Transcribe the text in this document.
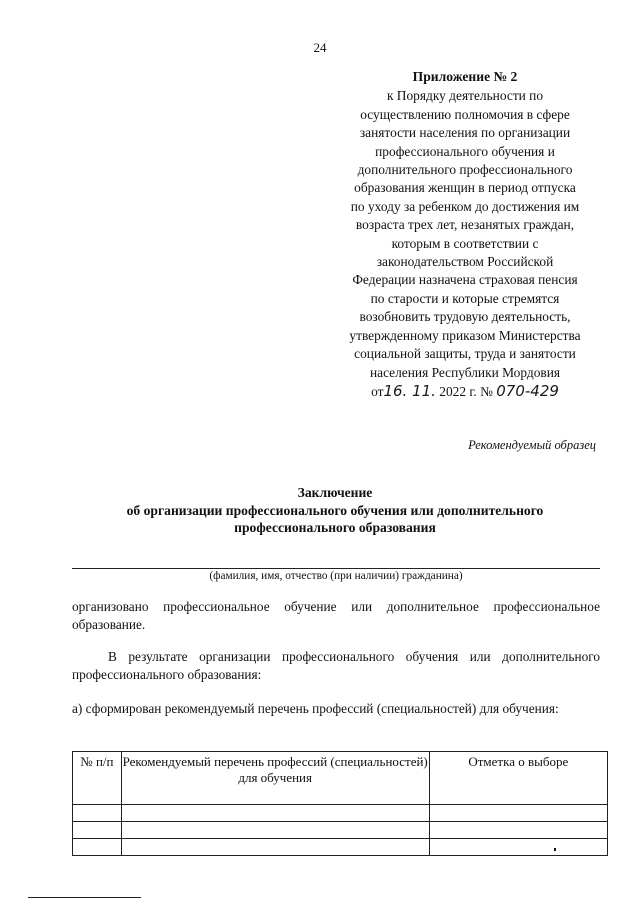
24
Приложение № 2
к Порядку деятельности по
осуществлению полномочия в сфере
занятости населения по организации
профессионального обучения и
дополнительного профессионального
образования женщин в период отпуска
по уходу за ребенком до достижения им
возраста трех лет, незанятых граждан,
которым в соответствии с
законодательством Российской
Федерации назначена страховая пенсия
по старости и которые стремятся
возобновить трудовую деятельность,
утвержденному приказом Министерства
социальной защиты, труда и занятости
населения Республики Мордовия
от16. 11. 2022 г. № 070-429
Рекомендуемый образец
Заключение
об организации профессионального обучения или дополнительного
профессионального образования
(фамилия, имя, отчество (при наличии) гражданина)
организовано профессиональное обучение или дополнительное профессиональное образование.
В результате организации профессионального обучения или дополнительного профессионального образования:
а) сформирован рекомендуемый перечень профессий (специальностей) для обучения:
№ п/п	Рекомендуемый перечень профессий (специальностей) для обучения	Отметка о выборе
